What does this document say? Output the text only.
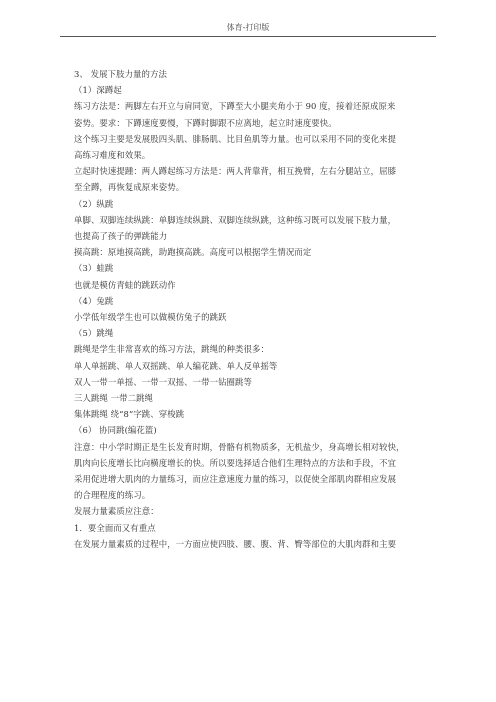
体育-打印版
3、 发展下肢力量的方法
（1）深蹲起
练习方法是：两脚左右开立与肩同宽，下蹲至大小腿夹角小于 90 度，接着还原成原来
姿势。要求：下蹲速度要慢，下蹲时脚跟不应离地，起立时速度要快。
这个练习主要是发展股四头肌、腓肠肌、比目鱼肌等力量。也可以采用不同的变化来提
高练习难度和效果。
立起时快速提踵：两人蹲起练习方法是：两人背靠背，相互挽臂，左右分腿站立，屈膝
至全蹲，再恢复成原来姿势。
（2）纵跳
单脚、双脚连续纵跳：单脚连续纵跳、双脚连续纵跳，这种练习既可以发展下肢力量，
也提高了孩子的弹跳能力
摸高跳：原地摸高跳，助跑摸高跳。高度可以根据学生情况而定
（3）蛙跳
也就是模仿青蛙的跳跃动作
（4）兔跳
小学低年级学生也可以做模仿兔子的跳跃
（5）跳绳
跳绳是学生非常喜欢的练习方法，跳绳的种类很多：
单人单摇跳、单人双摇跳、单人编花跳、单人反单摇等
双人一带一单摇、一带一双摇、一带一钻圈跳等
三人跳绳 一带二跳绳
集体跳绳 绕“8”字跳、穿梭跳
（6） 协同跳(编花篮)
注意：中小学时期正是生长发育时期，骨骼有机物质多，无机盐少，身高增长相对较快，
肌肉向长度增长比向横度增长的快。所以要选择适合他们生理特点的方法和手段，不宜
采用促进增大肌肉的力量练习，而应注意速度力量的练习，以促使全部肌肉群相应发展
的合理程度的练习。
发展力量素质应注意：
1．要全面而又有重点
在发展力量素质的过程中，一方面应使四肢、腰、腹、背、臀等部位的大肌肉群和主要
